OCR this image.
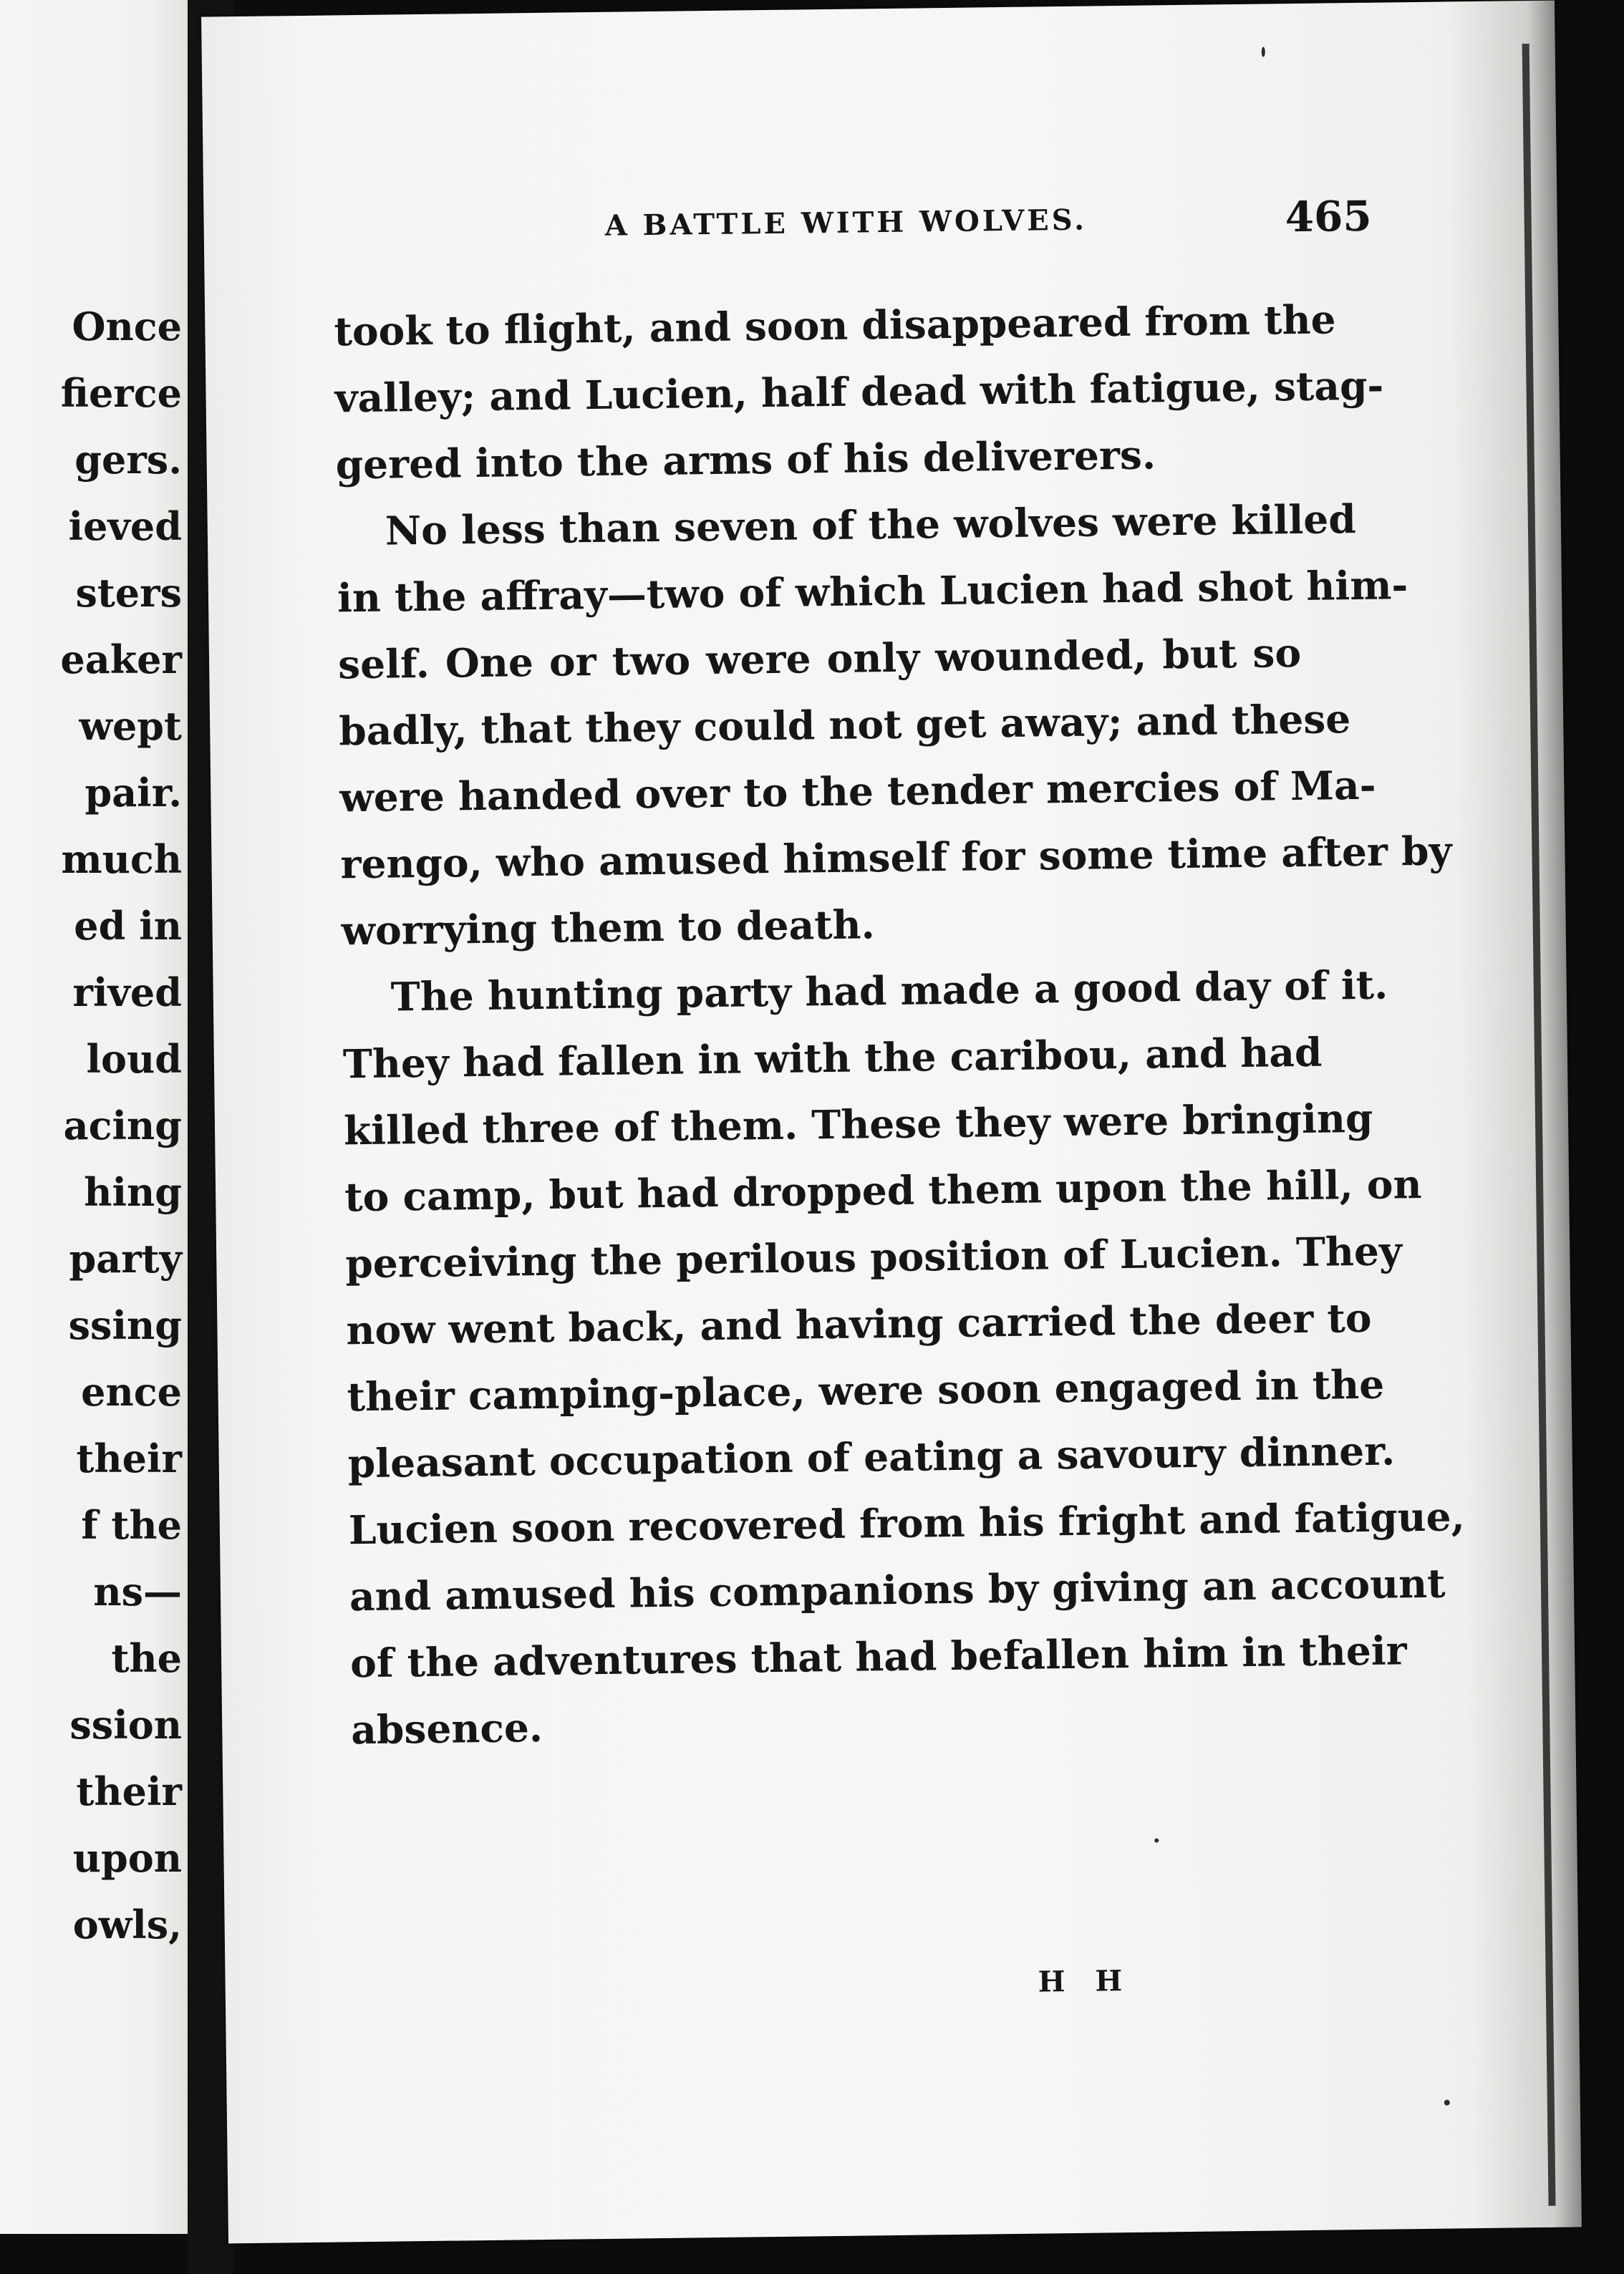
Once
fierce
gers.
ieved
sters
eaker
wept
pair.
much
ed in
rived
loud
acing
hing
party
ssing
ence
their
f the
ns—
the
ssion
their
upon
owls,
A BATTLE WITH WOLVES.	465

took to flight, and soon disappeared from the
valley; and Lucien, half dead with fatigue, stag-
gered into the arms of his deliverers.

No less than seven of the wolves were killed
in the affray—two of which Lucien had shot him-
self. One or two were only wounded, but so
badly, that they could not get away; and these
were handed over to the tender mercies of Ma-
rengo, who amused himself for some time after by
worrying them to death.

The hunting party had made a good day of it.
They had fallen in with the caribou, and had
killed three of them. These they were bringing
to camp, but had dropped them upon the hill, on
perceiving the perilous position of Lucien. They
now went back, and having carried the deer to
their camping-place, were soon engaged in the
pleasant occupation of eating a savoury dinner.
Lucien soon recovered from his fright and fatigue,
and amused his companions by giving an account
of the adventures that had befallen him in their
absence.

H H
